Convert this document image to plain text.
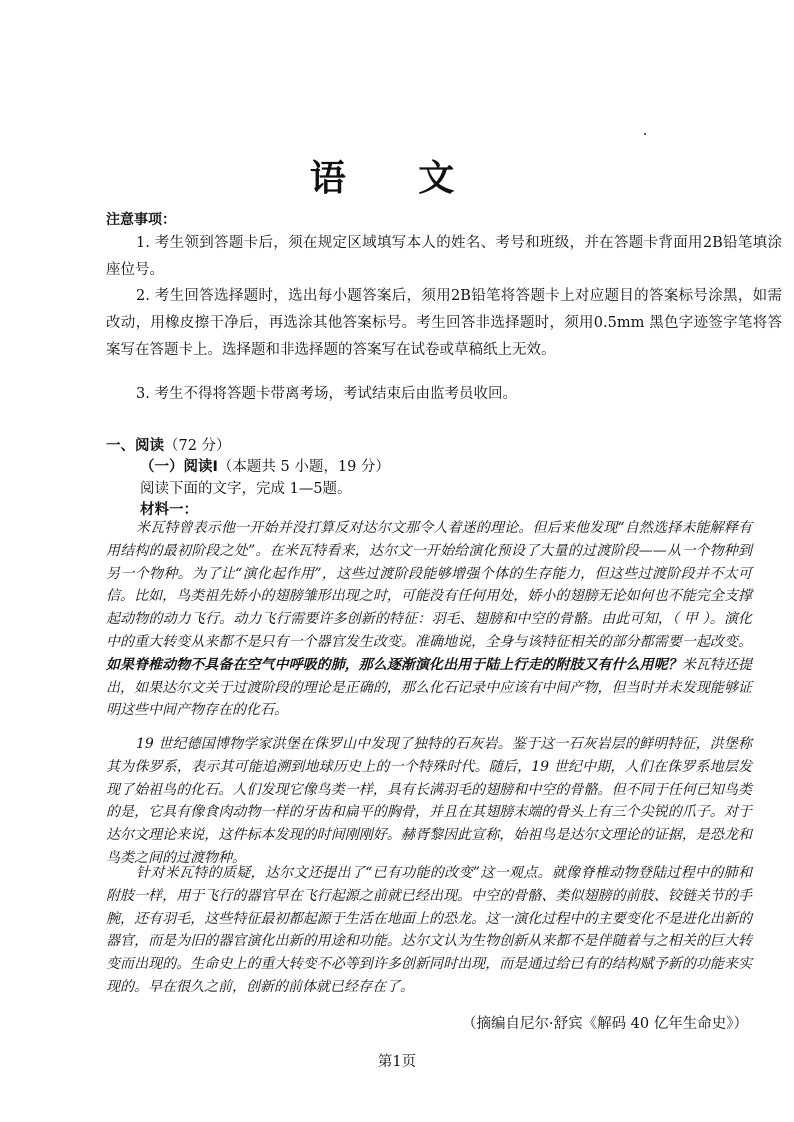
语 文
注意事项：
1. 考生领到答题卡后，须在规定区域填写本人的姓名、考号和班级，并在答题卡背面用2B铅笔填涂座位号。
2. 考生回答选择题时，选出每小题答案后，须用2B铅笔将答题卡上对应题目的答案标号涂黑，如需改动，用橡皮擦干净后，再选涂其他答案标号。考生回答非选择题时，须用0.5mm 黑色字迹签字笔将答案写在答题卡上。选择题和非选择题的答案写在试卷或草稿纸上无效。
3. 考生不得将答题卡带离考场，考试结束后由监考员收回。
一、阅读（72 分）
（一）阅读Ⅰ（本题共 5 小题，19 分）
阅读下面的文字，完成 1—5题。
材料一：
米瓦特曾表示他一开始并没打算反对达尔文那令人着迷的理论。但后来他发现“自然选择未能解释有用结构的最初阶段之处”。在米瓦特看来，达尔文一开始给演化预设了大量的过渡阶段——从一个物种到另一个物种。为了让“演化起作用”，这些过渡阶段能够增强个体的生存能力，但这些过渡阶段并不太可信。比如，鸟类祖先娇小的翅膀雏形出现之时，可能没有任何用处，娇小的翅膀无论如何也不能完全支撑起动物的动力飞行。动力飞行需要许多创新的特征：羽毛、翅膀和中空的骨骼。由此可知，（ 甲 ）。演化中的重大转变从来都不是只有一个器官发生改变。准确地说，全身与该特征相关的部分都需要一起改变。如果脊椎动物不具备在空气中呼吸的肺，那么逐渐演化出用于陆上行走的附肢又有什么用呢？米瓦特还提出，如果达尔文关于过渡阶段的理论是正确的，那么化石记录中应该有中间产物，但当时并未发现能够证明这些中间产物存在的化石。
19 世纪德国博物学家洪堡在侏罗山中发现了独特的石灰岩。鉴于这一石灰岩层的鲜明特征，洪堡称其为侏罗系，表示其可能追溯到地球历史上的一个特殊时代。随后，19 世纪中期，人们在侏罗系地层发现了始祖鸟的化石。人们发现它像鸟类一样，具有长满羽毛的翅膀和中空的骨骼。但不同于任何已知鸟类的是，它具有像食肉动物一样的牙齿和扁平的胸骨，并且在其翅膀末端的骨头上有三个尖锐的爪子。对于达尔文理论来说，这件标本发现的时间刚刚好。赫胥黎因此宣称，始祖鸟是达尔文理论的证据，是恐龙和鸟类之间的过渡物种。
针对米瓦特的质疑，达尔文还提出了“已有功能的改变”这一观点。就像脊椎动物登陆过程中的肺和附肢一样，用于飞行的器官早在飞行起源之前就已经出现。中空的骨骼、类似翅膀的前肢、铰链关节的手腕，还有羽毛，这些特征最初都起源于生活在地面上的恐龙。这一演化过程中的主要变化不是进化出新的器官，而是为旧的器官演化出新的用途和功能。达尔文认为生物创新从来都不是伴随着与之相关的巨大转变而出现的。生命史上的重大转变不必等到许多创新同时出现，而是通过给已有的结构赋予新的功能来实现的。早在很久之前，创新的前体就已经存在了。
（摘编自尼尔·舒宾《解码 40 亿年生命史》）
第1页
